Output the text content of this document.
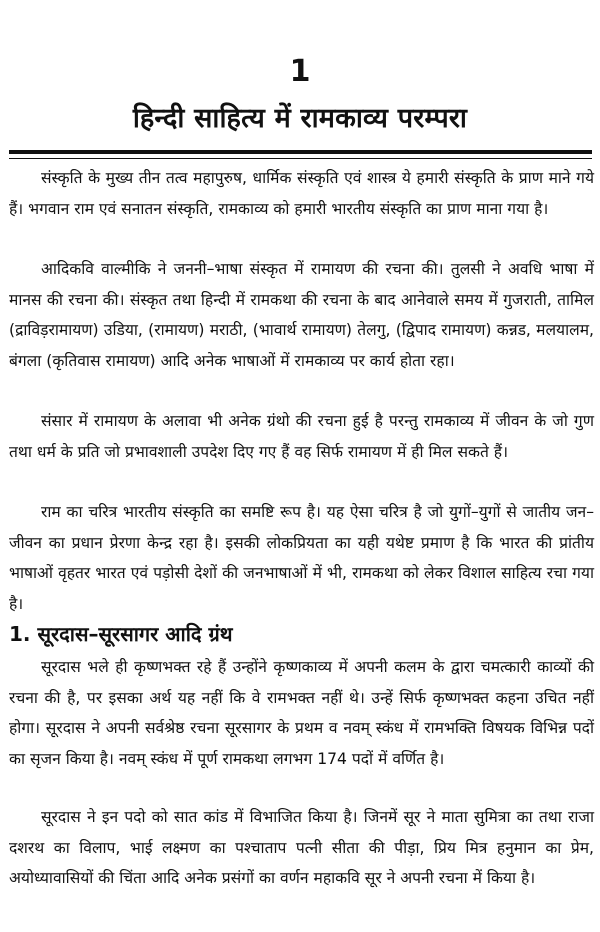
1
हिन्दी साहित्य में रामकाव्य परम्परा

संस्कृति के मुख्य तीन तत्व महापुरुष, धार्मिक संस्कृति एवं शास्त्र ये हमारी संस्कृति के प्राण माने गये हैं। भगवान राम एवं सनातन संस्कृति, रामकाव्य को हमारी भारतीय संस्कृति का प्राण माना गया है।

आदिकवि वाल्मीकि ने जननी–भाषा संस्कृत में रामायण की रचना की। तुलसी ने अवधि भाषा में मानस की रचना की। संस्कृत तथा हिन्दी में रामकथा की रचना के बाद आनेवाले समय में गुजराती, तामिल (द्राविड़रामायण) उडिया, (रामायण) मराठी, (भावार्थ रामायण) तेलगु, (द्विपाद रामायण) कन्नड, मलयालम, बंगला (कृतिवास रामायण) आदि अनेक भाषाओं में रामकाव्य पर कार्य होता रहा।

संसार में रामायण के अलावा भी अनेक ग्रंथो की रचना हुई है परन्तु रामकाव्य में जीवन के जो गुण तथा धर्म के प्रति जो प्रभावशाली उपदेश दिए गए हैं वह सिर्फ रामायण में ही मिल सकते हैं।

राम का चरित्र भारतीय संस्कृति का समष्टि रूप है। यह ऐसा चरित्र है जो युगों–युगों से जातीय जन–जीवन का प्रधान प्रेरणा केन्द्र रहा है। इसकी लोकप्रियता का यही यथेष्ट प्रमाण है कि भारत की प्रांतीय भाषाओं वृहतर भारत एवं पड़ोसी देशों की जनभाषाओं में भी, रामकथा को लेकर विशाल साहित्य रचा गया है।

1. सूरदास–सूरसागर आदि ग्रंथ

सूरदास भले ही कृष्णभक्त रहे हैं उन्होंने कृष्णकाव्य में अपनी कलम के द्वारा चमत्कारी काव्यों की रचना की है, पर इसका अर्थ यह नहीं कि वे रामभक्त नहीं थे। उन्हें सिर्फ कृष्णभक्त कहना उचित नहीं होगा। सूरदास ने अपनी सर्वश्रेष्ठ रचना सूरसागर के प्रथम व नवम् स्कंध में रामभक्ति विषयक विभिन्न पदों का सृजन किया है। नवम् स्कंध में पूर्ण रामकथा लगभग 174 पदों में वर्णित है।

सूरदास ने इन पदो को सात कांड में विभाजित किया है। जिनमें सूर ने माता सुमित्रा का तथा राजा दशरथ का विलाप, भाई लक्ष्मण का पश्चाताप पत्नी सीता की पीड़ा, प्रिय मित्र हनुमान का प्रेम, अयोध्यावासियों की चिंता आदि अनेक प्रसंगों का वर्णन महाकवि सूर ने अपनी रचना में किया है।
